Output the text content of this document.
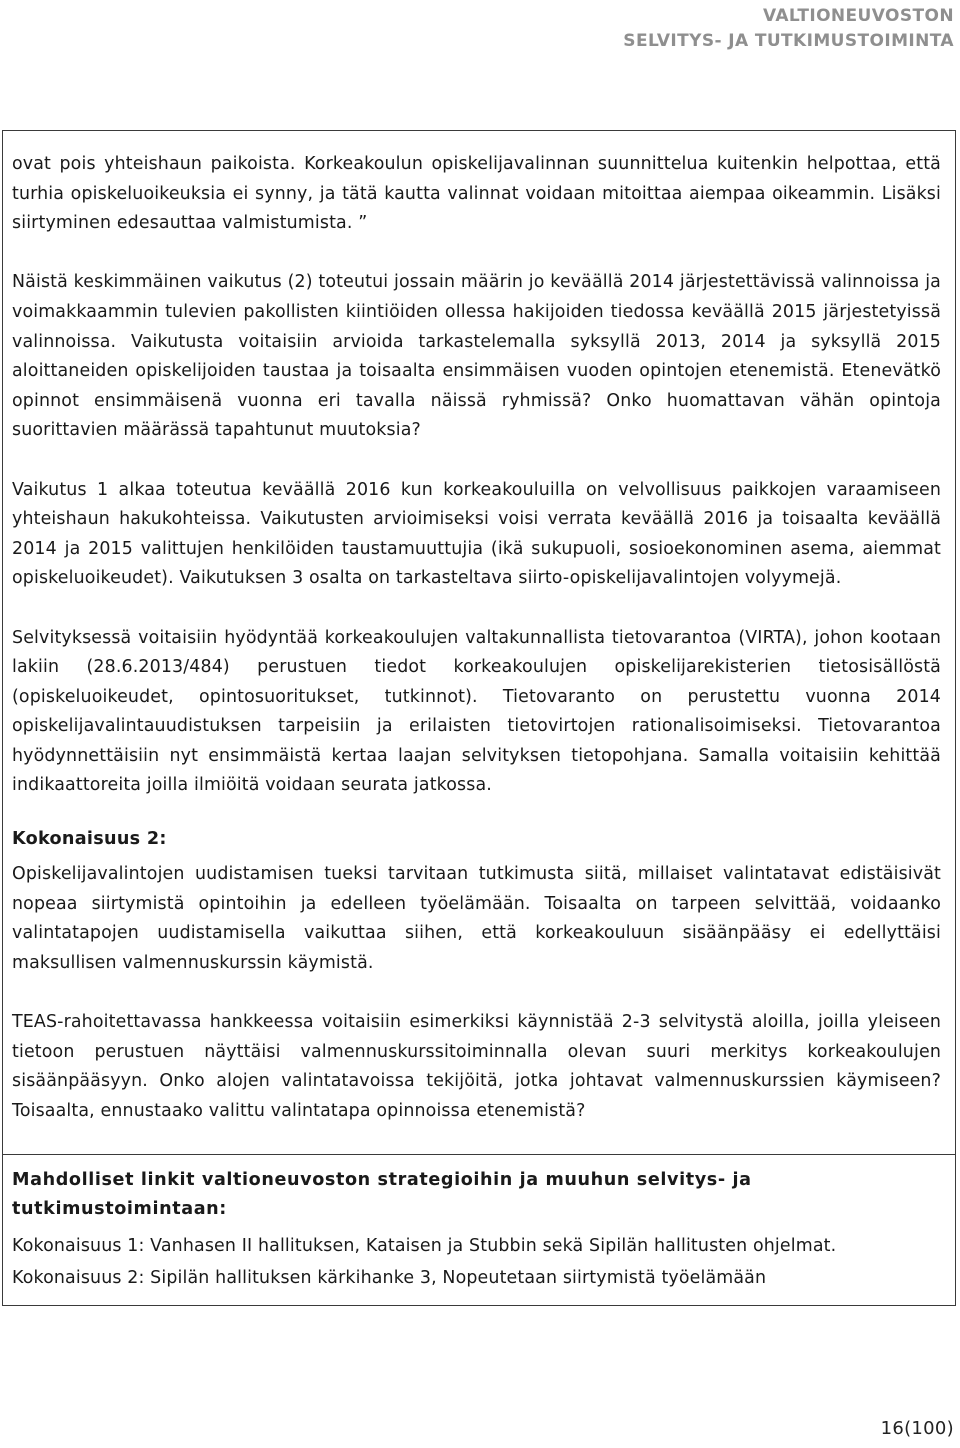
VALTIONEUVOSTON
SELVITYS- JA TUTKIMUSTOIMINTA

ovat pois yhteishaun paikoista. Korkeakoulun opiskelijavalinnan suunnittelua kuitenkin helpottaa, että turhia opiskeluoikeuksia ei synny, ja tätä kautta valinnat voidaan mitoittaa aiempaa oikeammin. Lisäksi siirtyminen edesauttaa valmistumista. ”

Näistä keskimmäinen vaikutus (2) toteutui jossain määrin jo keväällä 2014 järjestettävissä valinnoissa ja voimakkaammin tulevien pakollisten kiintiöiden ollessa hakijoiden tiedossa keväällä 2015 järjestetyissä valinnoissa. Vaikutusta voitaisiin arvioida tarkastelemalla syksyllä 2013, 2014 ja syksyllä 2015 aloittaneiden opiskelijoiden taustaa ja toisaalta ensimmäisen vuoden opintojen etenemistä. Etenevätkö opinnot ensimmäisenä vuonna eri tavalla näissä ryhmissä? Onko huomattavan vähän opintoja suorittavien määrässä tapahtunut muutoksia?

Vaikutus 1 alkaa toteutua keväällä 2016 kun korkeakouluilla on velvollisuus paikkojen varaamiseen yhteishaun hakukohteissa. Vaikutusten arvioimiseksi voisi verrata keväällä 2016 ja toisaalta keväällä 2014 ja 2015 valittujen henkilöiden taustamuuttujia (ikä sukupuoli, sosioekonominen asema, aiemmat opiskeluoikeudet). Vaikutuksen 3 osalta on tarkasteltava siirto-opiskelijavalintojen volyymejä.

Selvityksessä voitaisiin hyödyntää korkeakoulujen valtakunnallista tietovarantoa (VIRTA), johon kootaan lakiin (28.6.2013/484) perustuen tiedot korkeakoulujen opiskelijarekisterien tietosisällöstä (opiskeluoikeudet, opintosuoritukset, tutkinnot). Tietovaranto on perustettu vuonna 2014 opiskelijavalintauudistuksen tarpeisiin ja erilaisten tietovirtojen rationalisoimiseksi. Tietovarantoa hyödynnettäisiin nyt ensimmäistä kertaa laajan selvityksen tietopohjana. Samalla voitaisiin kehittää indikaattoreita joilla ilmiöitä voidaan seurata jatkossa.

Kokonaisuus 2:

Opiskelijavalintojen uudistamisen tueksi tarvitaan tutkimusta siitä, millaiset valintatavat edistäisivät nopeaa siirtymistä opintoihin ja edelleen työelämään. Toisaalta on tarpeen selvittää, voidaanko valintatapojen uudistamisella vaikuttaa siihen, että korkeakouluun sisäänpääsy ei edellyttäisi maksullisen valmennuskurssin käymistä.

TEAS-rahoitettavassa hankkeessa voitaisiin esimerkiksi käynnistää 2-3 selvitystä aloilla, joilla yleiseen tietoon perustuen näyttäisi valmennuskurssitoiminnalla olevan suuri merkitys korkeakoulujen sisäänpääsyyn. Onko alojen valintatavoissa tekijöitä, jotka johtavat valmennuskurssien käymiseen? Toisaalta, ennustaako valittu valintatapa opinnoissa etenemistä?

Mahdolliset linkit valtioneuvoston strategioihin ja muuhun selvitys- ja tutkimustoimintaan:
Kokonaisuus 1: Vanhasen II hallituksen, Kataisen ja Stubbin sekä Sipilän hallitusten ohjelmat.
Kokonaisuus 2: Sipilän hallituksen kärkihanke 3, Nopeutetaan siirtymistä työelämään
16(100)
